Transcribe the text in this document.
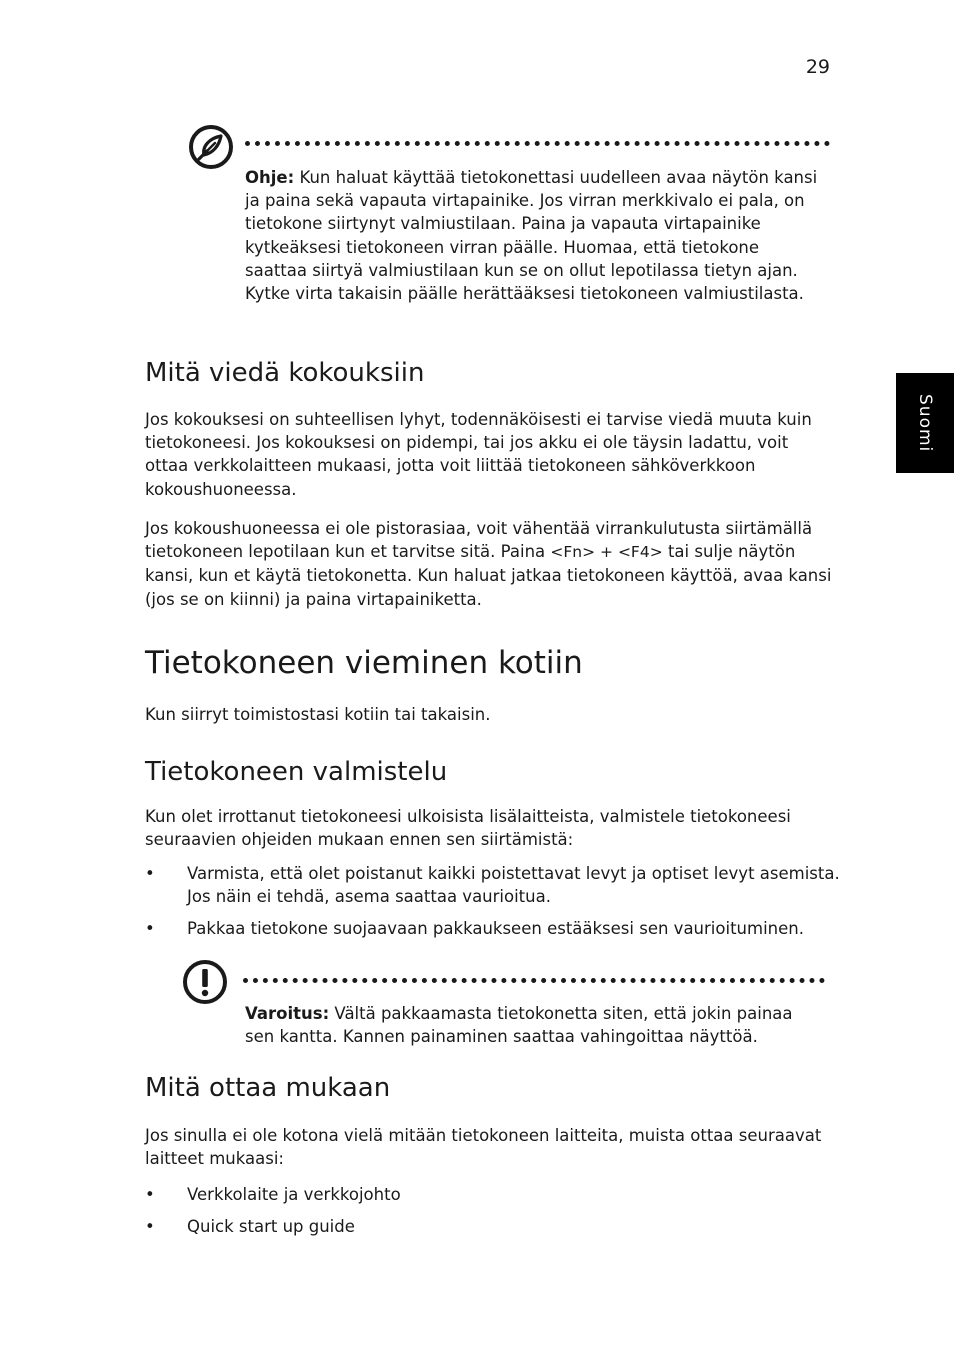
29
Suomi
Ohje: Kun haluat käyttää tietokonettasi uudelleen avaa näytön kansi ja paina sekä vapauta virtapainike. Jos virran merkkivalo ei pala, on tietokone siirtynyt valmiustilaan. Paina ja vapauta virtapainike kytkeäksesi tietokoneen virran päälle. Huomaa, että tietokone saattaa siirtyä valmiustilaan kun se on ollut lepotilassa tietyn ajan. Kytke virta takaisin päälle herättääksesi tietokoneen valmiustilasta.
Mitä viedä kokouksiin

Jos kokouksesi on suhteellisen lyhyt, todennäköisesti ei tarvise viedä muuta kuin tietokoneesi. Jos kokouksesi on pidempi, tai jos akku ei ole täysin ladattu, voit ottaa verkkolaitteen mukaasi, jotta voit liittää tietokoneen sähköverkkoon kokoushuoneessa.

Jos kokoushuoneessa ei ole pistorasiaa, voit vähentää virrankulutusta siirtämällä tietokoneen lepotilaan kun et tarvitse sitä. Paina <Fn> + <F4> tai sulje näytön kansi, kun et käytä tietokonetta. Kun haluat jatkaa tietokoneen käyttöä, avaa kansi (jos se on kiinni) ja paina virtapainiketta.

Tietokoneen vieminen kotiin
Kun siirryt toimistostasi kotiin tai takaisin.
Tietokoneen valmistelu
Kun olet irrottanut tietokoneesi ulkoisista lisälaitteista, valmistele tietokoneesi seuraavien ohjeiden mukaan ennen sen siirtämistä:
•	Varmista, että olet poistanut kaikki poistettavat levyt ja optiset levyt asemista. Jos näin ei tehdä, asema saattaa vaurioitua.
•	Pakkaa tietokone suojaavaan pakkaukseen estääksesi sen vaurioituminen.
Varoitus: Vältä pakkaamasta tietokonetta siten, että jokin painaa sen kantta. Kannen painaminen saattaa vahingoittaa näyttöä.
Mitä ottaa mukaan
Jos sinulla ei ole kotona vielä mitään tietokoneen laitteita, muista ottaa seuraavat laitteet mukaasi:
•	Verkkolaite ja verkkojohto
•	Quick start up guide
